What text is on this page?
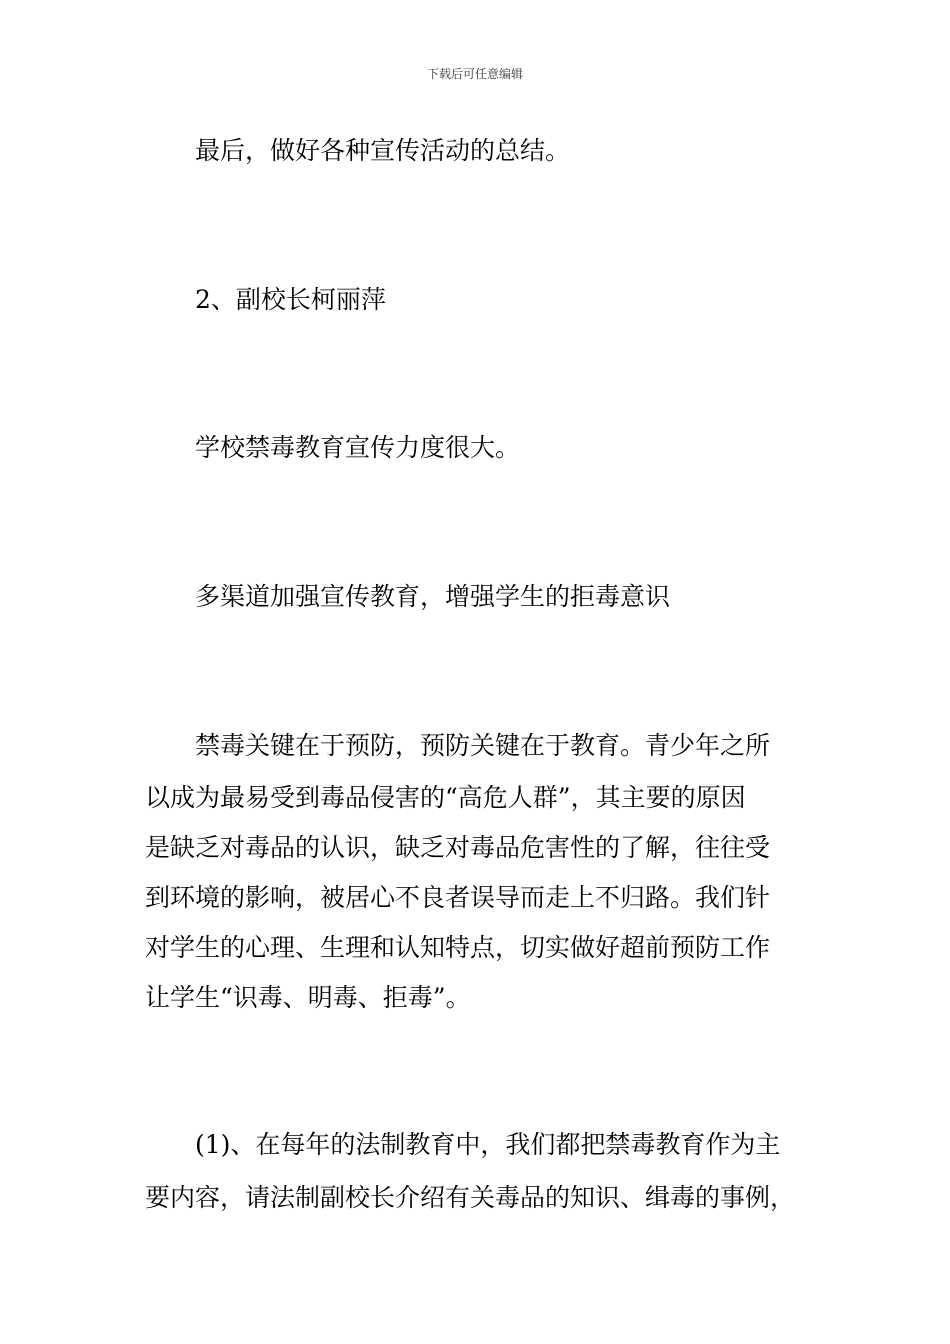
下载后可任意编辑
最后，做好各种宣传活动的总结。
2、副校长柯丽萍
学校禁毒教育宣传力度很大。
多渠道加强宣传教育，增强学生的拒毒意识
禁毒关键在于预防，预防关键在于教育。青少年之所
以成为最易受到毒品侵害的“高危人群”，其主要的原因
是缺乏对毒品的认识，缺乏对毒品危害性的了解，往往受
到环境的影响，被居心不良者误导而走上不归路。我们针
对学生的心理、生理和认知特点，切实做好超前预防工作
让学生“识毒、明毒、拒毒”。
(1)、在每年的法制教育中，我们都把禁毒教育作为主
要内容，请法制副校长介绍有关毒品的知识、缉毒的事例，
